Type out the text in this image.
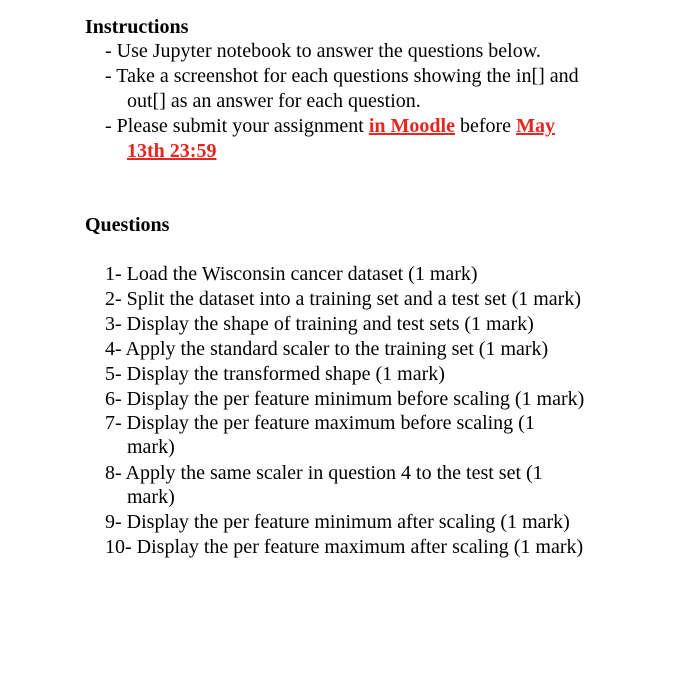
Instructions
- Use Jupyter notebook to answer the questions below.
- Take a screenshot for each questions showing the in[] and
out[] as an answer for each question.
- Please submit your assignment in Moodle before May
13th 23:59
Questions
1- Load the Wisconsin cancer dataset (1 mark)
2- Split the dataset into a training set and a test set (1 mark)
3- Display the shape of training and test sets (1 mark)
4- Apply the standard scaler to the training set (1 mark)
5- Display the transformed shape (1 mark)
6- Display the per feature minimum before scaling (1 mark)
7- Display the per feature maximum before scaling (1
mark)
8- Apply the same scaler in question 4 to the test set (1
mark)
9- Display the per feature minimum after scaling (1 mark)
10- Display the per feature maximum after scaling (1 mark)
